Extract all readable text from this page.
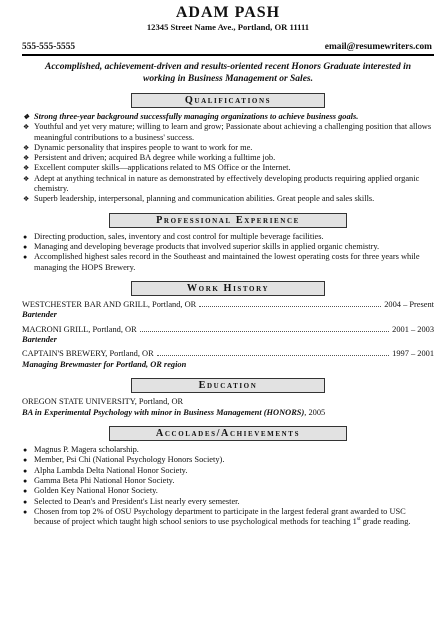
ADAM PASH
12345 Street Name Ave., Portland, OR 11111
555-555-5555	email@resumewriters.com
Accomplished, achievement-driven and results-oriented recent Honors Graduate interested in working in Business Management or Sales.
Qualifications
❖ Strong three-year background successfully managing organizations to achieve business goals.
❖ Youthful and yet very mature; willing to learn and grow; Passionate about achieving a challenging position that allows meaningful contributions to a business' success.
❖ Dynamic personality that inspires people to want to work for me.
❖ Persistent and driven; acquired BA degree while working a fulltime job.
❖ Excellent computer skills—applications related to MS Office or the Internet.
❖ Adept at anything technical in nature as demonstrated by effectively developing products requiring applied organic chemistry.
❖ Superb leadership, interpersonal, planning and communication abilities. Great people and sales skills.
Professional Experience
● Directing production, sales, inventory and cost control for multiple beverage facilities.
● Managing and developing beverage products that involved superior skills in applied organic chemistry.
● Accomplished highest sales record in the Southeast and maintained the lowest operating costs for three years while managing the HOPS Brewery.
Work History
WESTCHESTER BAR AND GRILL, Portland, OR	2004 – Present
Bartender
MACRONI GRILL, Portland, OR	2001 – 2003
Bartender
CAPTAIN'S BREWERY, Portland, OR	1997 – 2001
Managing Brewmaster for Portland, OR region
Education
OREGON STATE UNIVERSITY, Portland, OR
BA in Experimental Psychology with minor in Business Management (HONORS), 2005
Accolades/Achievements
● Magnus P. Magera scholarship.
● Member, Psi Chi (National Psychology Honors Society).
● Alpha Lambda Delta National Honor Society.
● Gamma Beta Phi National Honor Society.
● Golden Key National Honor Society.
● Selected to Dean's and President's List nearly every semester.
● Chosen from top 2% of OSU Psychology department to participate in the largest federal grant awarded to USC because of project which taught high school seniors to use psychological methods for teaching 1st grade reading.
